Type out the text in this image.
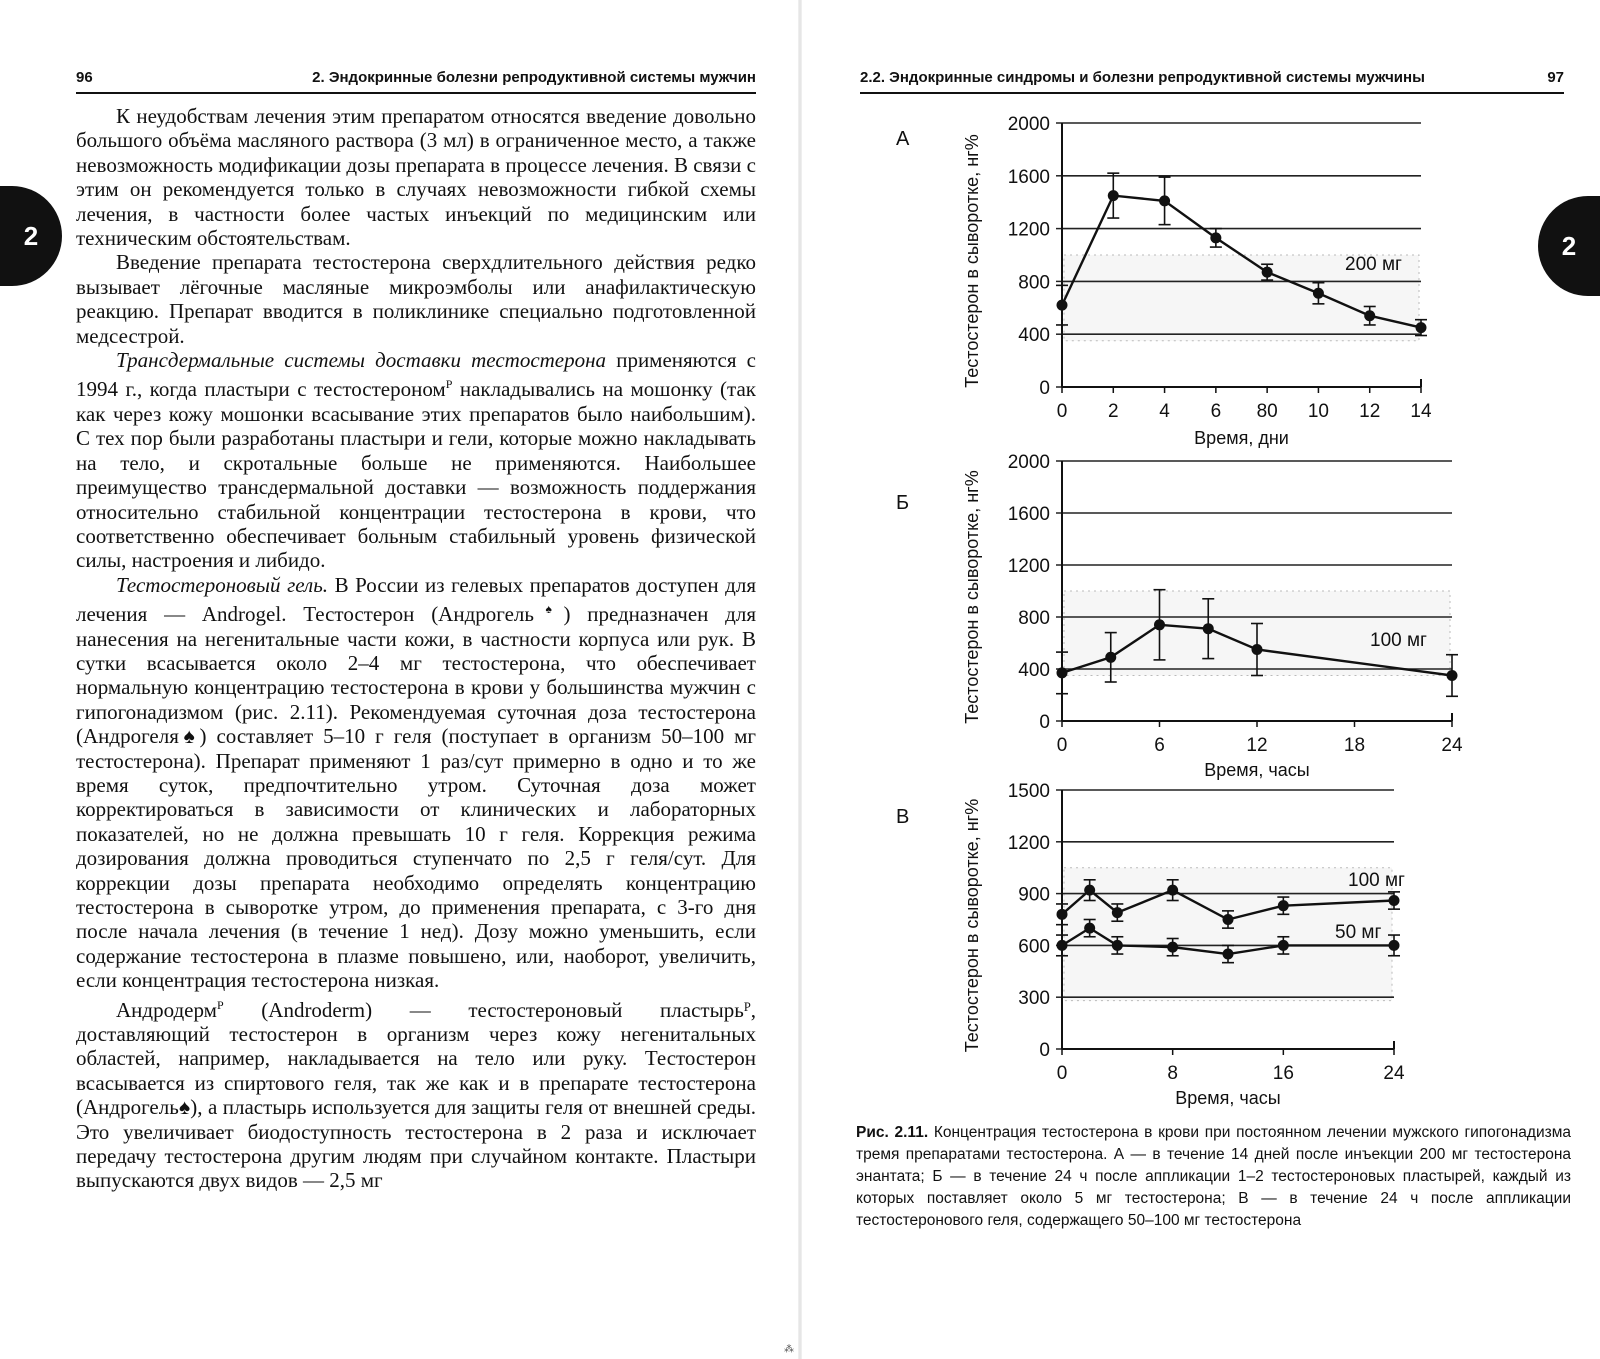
96	2. Эндокринные болезни репродуктивной системы мужчин
2

К неудобствам лечения этим препаратом относятся введение довольно большого объёма масляного раствора (3 мл) в ограниченное место, а также невозможность модификации дозы препарата в процессе лечения. В связи с этим он рекомендуется только в случаях невозможности гибкой схемы лечения, в частности более частых инъекций по медицинским или техническим обстоятельствам.

Введение препарата тестостерона сверхдлительного действия редко вызывает лёгочные масляные микроэмболы или анафилактическую реакцию. Препарат вводится в поликлинике специально подготовленной медсестрой.

Трансдермальные системы доставки тестостерона применяются с 1994 г., когда пластыри с тестостероном$^Р$ накладывались на мошонку (так как через кожу мошонки всасывание этих препаратов было наибольшим). С тех пор были разработаны пластыри и гели, которые можно накладывать на тело, и скротальные больше не применяются. Наибольшее преимущество трансдермальной доставки — возможность поддержания относительно стабильной концентрации тестостерона в крови, что соответственно обеспечивает больным стабильный уровень физической силы, настроения и либидо.

Тестостероновый гель. В России из гелевых препаратов доступен для лечения — Androgel. Тестостерон (Андрогель♠) предназначен для нанесения на негенитальные части кожи, в частности корпуса или рук. В сутки всасывается около 2–4 мг тестостерона, что обеспечивает нормальную концентрацию тестостерона в крови у большинства мужчин с гипогонадизмом (рис. 2.11). Рекомендуемая суточная доза тестостерона (Андрогеля♠) составляет 5–10 г геля (поступает в организм 50–100 мг тестостерона). Препарат применяют 1 раз/сут примерно в одно и то же время суток, предпочтительно утром. Суточная доза может корректироваться в зависимости от клинических и лабораторных показателей, но не должна превышать 10 г геля. Коррекция режима дозирования должна проводиться ступенчато по 2,5 г геля/сут. Для коррекции дозы препарата необходимо определять концентрацию тестостерона в сыворотке утром, до применения препарата, с 3-го дня после начала лечения (в течение 1 нед). Дозу можно уменьшить, если содержание тестостерона в плазме повышено, или, наоборот, увеличить, если концентрация тестостерона низкая.

Андродерм$^Р$ (Androderm) — тестостероновый пластырьᴾ, доставляющий тестостерон в организм через кожу негенитальных областей, например, накладывается на тело или руку. Тестостерон всасывается из спиртового геля, так же как и в препарате тестостерона (Андрогель♠), а пластырь используется для защиты геля от внешней среды. Это увеличивает биодоступность тестостерона в 2 раза и исключает передачу тестостерона другим людям при случайном контакте. Пластыри выпускаются двух видов — 2,5 мг

⁂
2.2. Эндокринные синдромы и болезни репродуктивной системы мужчины	97
2
А
Б
В
0
400
800
1200
1600
2000
0 2 4 6 80 10 12 14
Время, дни
Тестостерон в сыворотке, нг%	200 мг
0
400
800
1200
1600
2000
0	6	12	18	24
Время, часы
Тестостерон в сыворотке, нг%	100 мг
0
300
600
900
1200
1500
0	8	16	24
Время, часы
Тестостерон в сыворотке, нг%	100 мг
50 мг
Рис. 2.11. Концентрация тестостерона в крови при постоянном лечении мужского гипогонадизма тремя препаратами тестостерона. А — в течение 14 дней после инъекции 200 мг тестостерона энантата; Б — в течение 24 ч после аппликации 1–2 тестостероновых пластырей, каждый из которых поставляет около 5 мг тестостерона; В — в течение 24 ч после аппликации тестостеронового геля, содержащего 50–100 мг тестостерона
